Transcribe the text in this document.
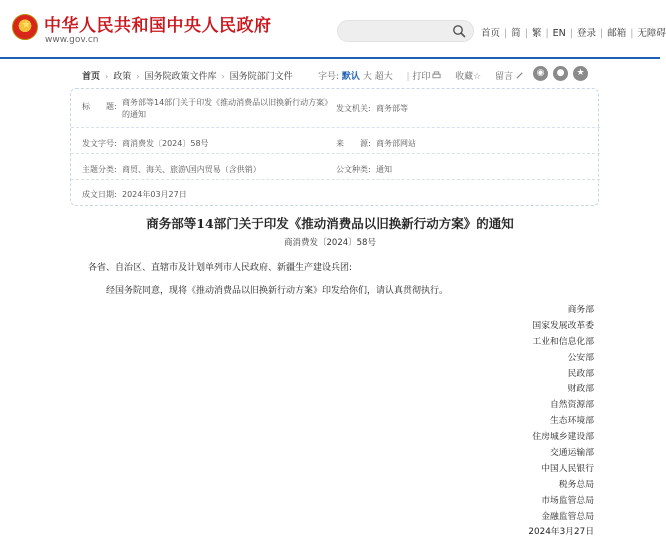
★
中华人民共和国中央人民政府
www.gov.cn
首页 | 简 | 繁 | EN | 登录 | 邮箱 | 无障碍
首页 › 政策 › 国务院政策文件库 › 国务院部门文件	字号: 默认 大 超大 | 打印	收藏☆ 留言	◉	●	★
标　　题: 商务部等14部门关于印发《推动消费品以旧换新行动方案》的通知
发文机关: 商务部等
发文字号: 商消费发〔2024〕58号	来　　源: 商务部网站
主题分类: 商贸、海关、旅游\国内贸易（含供销）	公文种类: 通知
成文日期: 2024年03月27日
商务部等14部门关于印发《推动消费品以旧换新行动方案》的通知
商消费发〔2024〕58号
各省、自治区、直辖市及计划单列市人民政府、新疆生产建设兵团:
经国务院同意，现将《推动消费品以旧换新行动方案》印发给你们，请认真贯彻执行。
商务部
国家发展改革委
工业和信息化部
公安部
民政部
财政部
自然资源部
生态环境部
住房城乡建设部
交通运输部
中国人民银行
税务总局
市场监管总局
金融监管总局
2024年3月27日
